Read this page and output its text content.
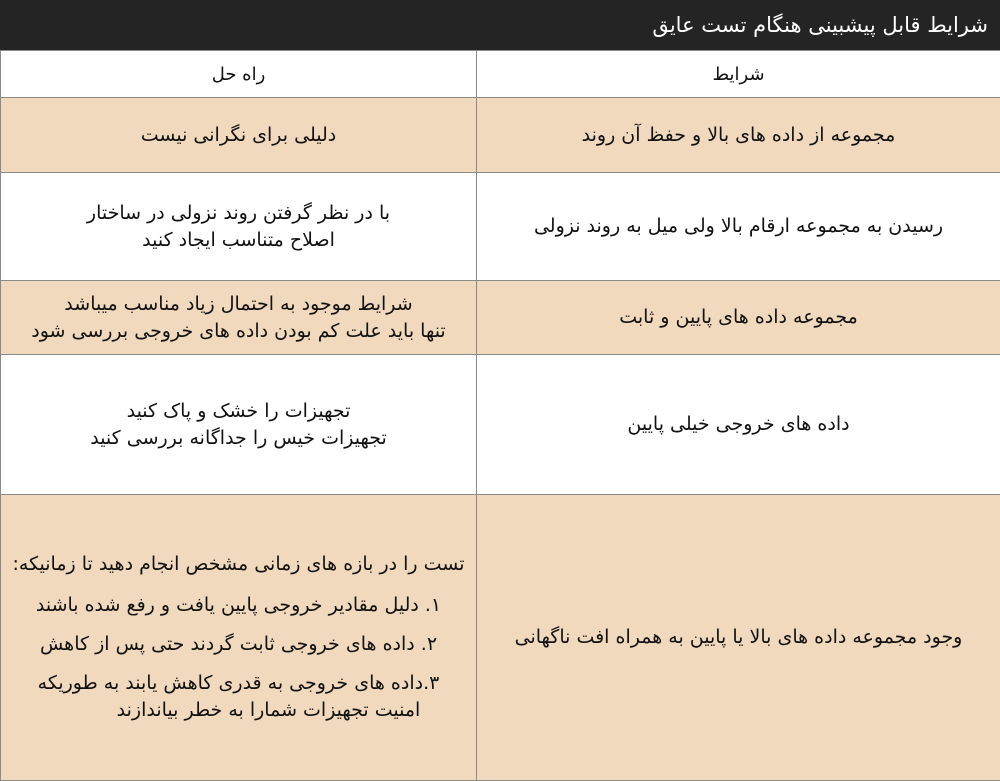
شرایط قابل پیشبینی هنگام تست عایق
شرایط	راه حل
مجموعه از داده های بالا و حفظ آن روند	دلیلی برای نگرانی نیست

رسیدن به مجموعه ارقام بالا ولی میل به روند نزولی	با در نظر گرفتن روند نزولی در ساختار
اصلاح متناسب ایجاد کنید

مجموعه داده های پایین و ثابت	شرایط موجود به احتمال زیاد مناسب میباشد
تنها باید علت کم بودن داده های خروجی بررسی شود

داده های خروجی خیلی پایین	تجهیزات را خشک و پاک کنید
تجهیزات خیس را جداگانه بررسی کنید

وجود مجموعه داده های بالا یا پایین به همراه افت ناگهانی	تست را در بازه های زمانی مشخص انجام دهید تا زمانیکه:
۱. دلیل مقادیر خروجی پایین یافت و رفع شده باشند
۲. داده های خروجی ثابت گردند حتی پس از کاهش
۳.داده های خروجی به قدری کاهش یابند به طوریکه
امنیت تجهیزات شمارا به خطر بیاندازند
